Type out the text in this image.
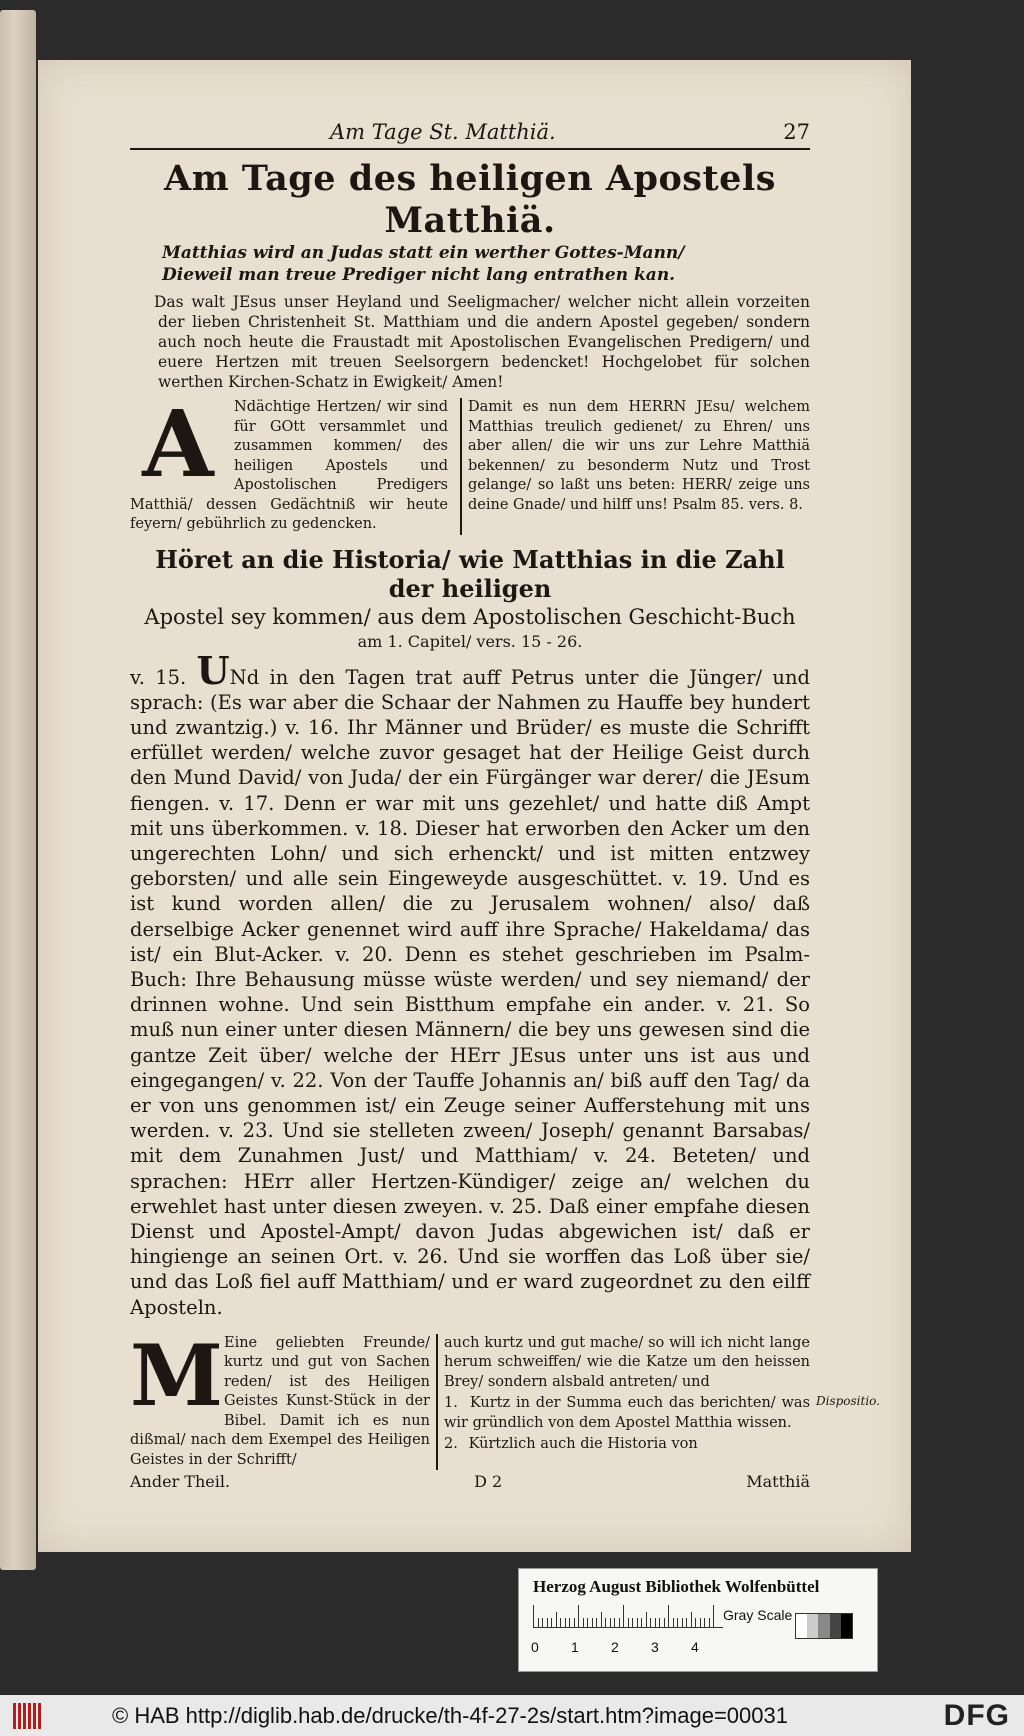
Am Tage St. Matthiä.	27
Am Tage des heiligen Apostels Matthiä.
Matthias wird an Judas statt ein werther Gottes-Mann/
Dieweil man treue Prediger nicht lang entrathen kan.
Das walt JEsus unser Heyland und Seeligmacher/ welcher nicht allein vorzeiten der lieben Christenheit St. Matthiam und die andern Apostel gegeben/ sondern auch noch heute die Fraustadt mit Apostolischen Evangelischen Predigern/ und euere Hertzen mit treuen Seelsorgern bedencket! Hochgelobet für solchen werthen Kirchen-Schatz in Ewigkeit/ Amen!
A	Ndächtige Hertzen/ wir sind für GOtt versammlet und zusammen kommen/ des heiligen Apostels und Apostolischen Predigers Matthiä/ dessen Gedächtniß wir heute feyern/ gebührlich zu gedencken.
Damit es nun dem HERRN JEsu/ welchem Matthias treulich gedienet/ zu Ehren/ uns aber allen/ die wir uns zur Lehre Matthiä bekennen/ zu besonderm Nutz und Trost gelange/ so laßt uns beten: HERR/ zeige uns deine Gnade/ und hilff uns! Psalm 85. vers. 8.
Höret an die Historia/ wie Matthias in die Zahl der heiligen
Apostel sey kommen/ aus dem Apostolischen Geschicht-Buch
am 1. Capitel/ vers. 15 - 26.
v. 15. UNd in den Tagen trat auff Petrus unter die Jünger/ und sprach: (Es war aber die Schaar der Nahmen zu Hauffe bey hundert und zwantzig.) v. 16. Ihr Männer und Brüder/ es muste die Schrifft erfüllet werden/ welche zuvor gesaget hat der Heilige Geist durch den Mund David/ von Juda/ der ein Fürgänger war derer/ die JEsum fiengen. v. 17. Denn er war mit uns gezehlet/ und hatte diß Ampt mit uns überkommen. v. 18. Dieser hat erworben den Acker um den ungerechten Lohn/ und sich erhenckt/ und ist mitten entzwey geborsten/ und alle sein Eingeweyde ausgeschüttet. v. 19. Und es ist kund worden allen/ die zu Jerusalem wohnen/ also/ daß derselbige Acker genennet wird auff ihre Sprache/ Hakeldama/ das ist/ ein Blut-Acker. v. 20. Denn es stehet geschrieben im Psalm-Buch: Ihre Behausung müsse wüste werden/ und sey niemand/ der drinnen wohne. Und sein Bistthum empfahe ein ander. v. 21. So muß nun einer unter diesen Männern/ die bey uns gewesen sind die gantze Zeit über/ welche der HErr JEsus unter uns ist aus und eingegangen/ v. 22. Von der Tauffe Johannis an/ biß auff den Tag/ da er von uns genommen ist/ ein Zeuge seiner Aufferstehung mit uns werden. v. 23. Und sie stelleten zween/ Joseph/ genannt Barsabas/ mit dem Zunahmen Just/ und Matthiam/ v. 24. Beteten/ und sprachen: HErr aller Hertzen-Kündiger/ zeige an/ welchen du erwehlet hast unter diesen zweyen. v. 25. Daß einer empfahe diesen Dienst und Apostel-Ampt/ davon Judas abgewichen ist/ daß er hingienge an seinen Ort. v. 26. Und sie worffen das Loß über sie/ und das Loß fiel auff Matthiam/ und er ward zugeordnet zu den eilff Aposteln.
M Eine geliebten Freunde/ kurtz und gut von Sachen reden/ ist des Heiligen Geistes Kunst-Stück in der Bibel. Damit ich es nun dißmal/ nach dem Exempel des Heiligen Geistes in der Schrifft/
auch kurtz und gut mache/ so will ich nicht lange herum schweiffen/ wie die Katze um den heissen Brey/ sondern alsbald antreten/ und
1. Kurtz in der Summa euch das berichten/ was wir gründlich von dem Apostel Matthia wissen.
2. Kürtzlich auch die Historia von
Dispositio.
Ander Theil.	D 2	Matthiä
Herzog August Bibliothek Wolfenbüttel
0 1 2 3 4
Gray Scale
© HAB http://diglib.hab.de/drucke/th-4f-27-2s/start.htm?image=00031	DFG
